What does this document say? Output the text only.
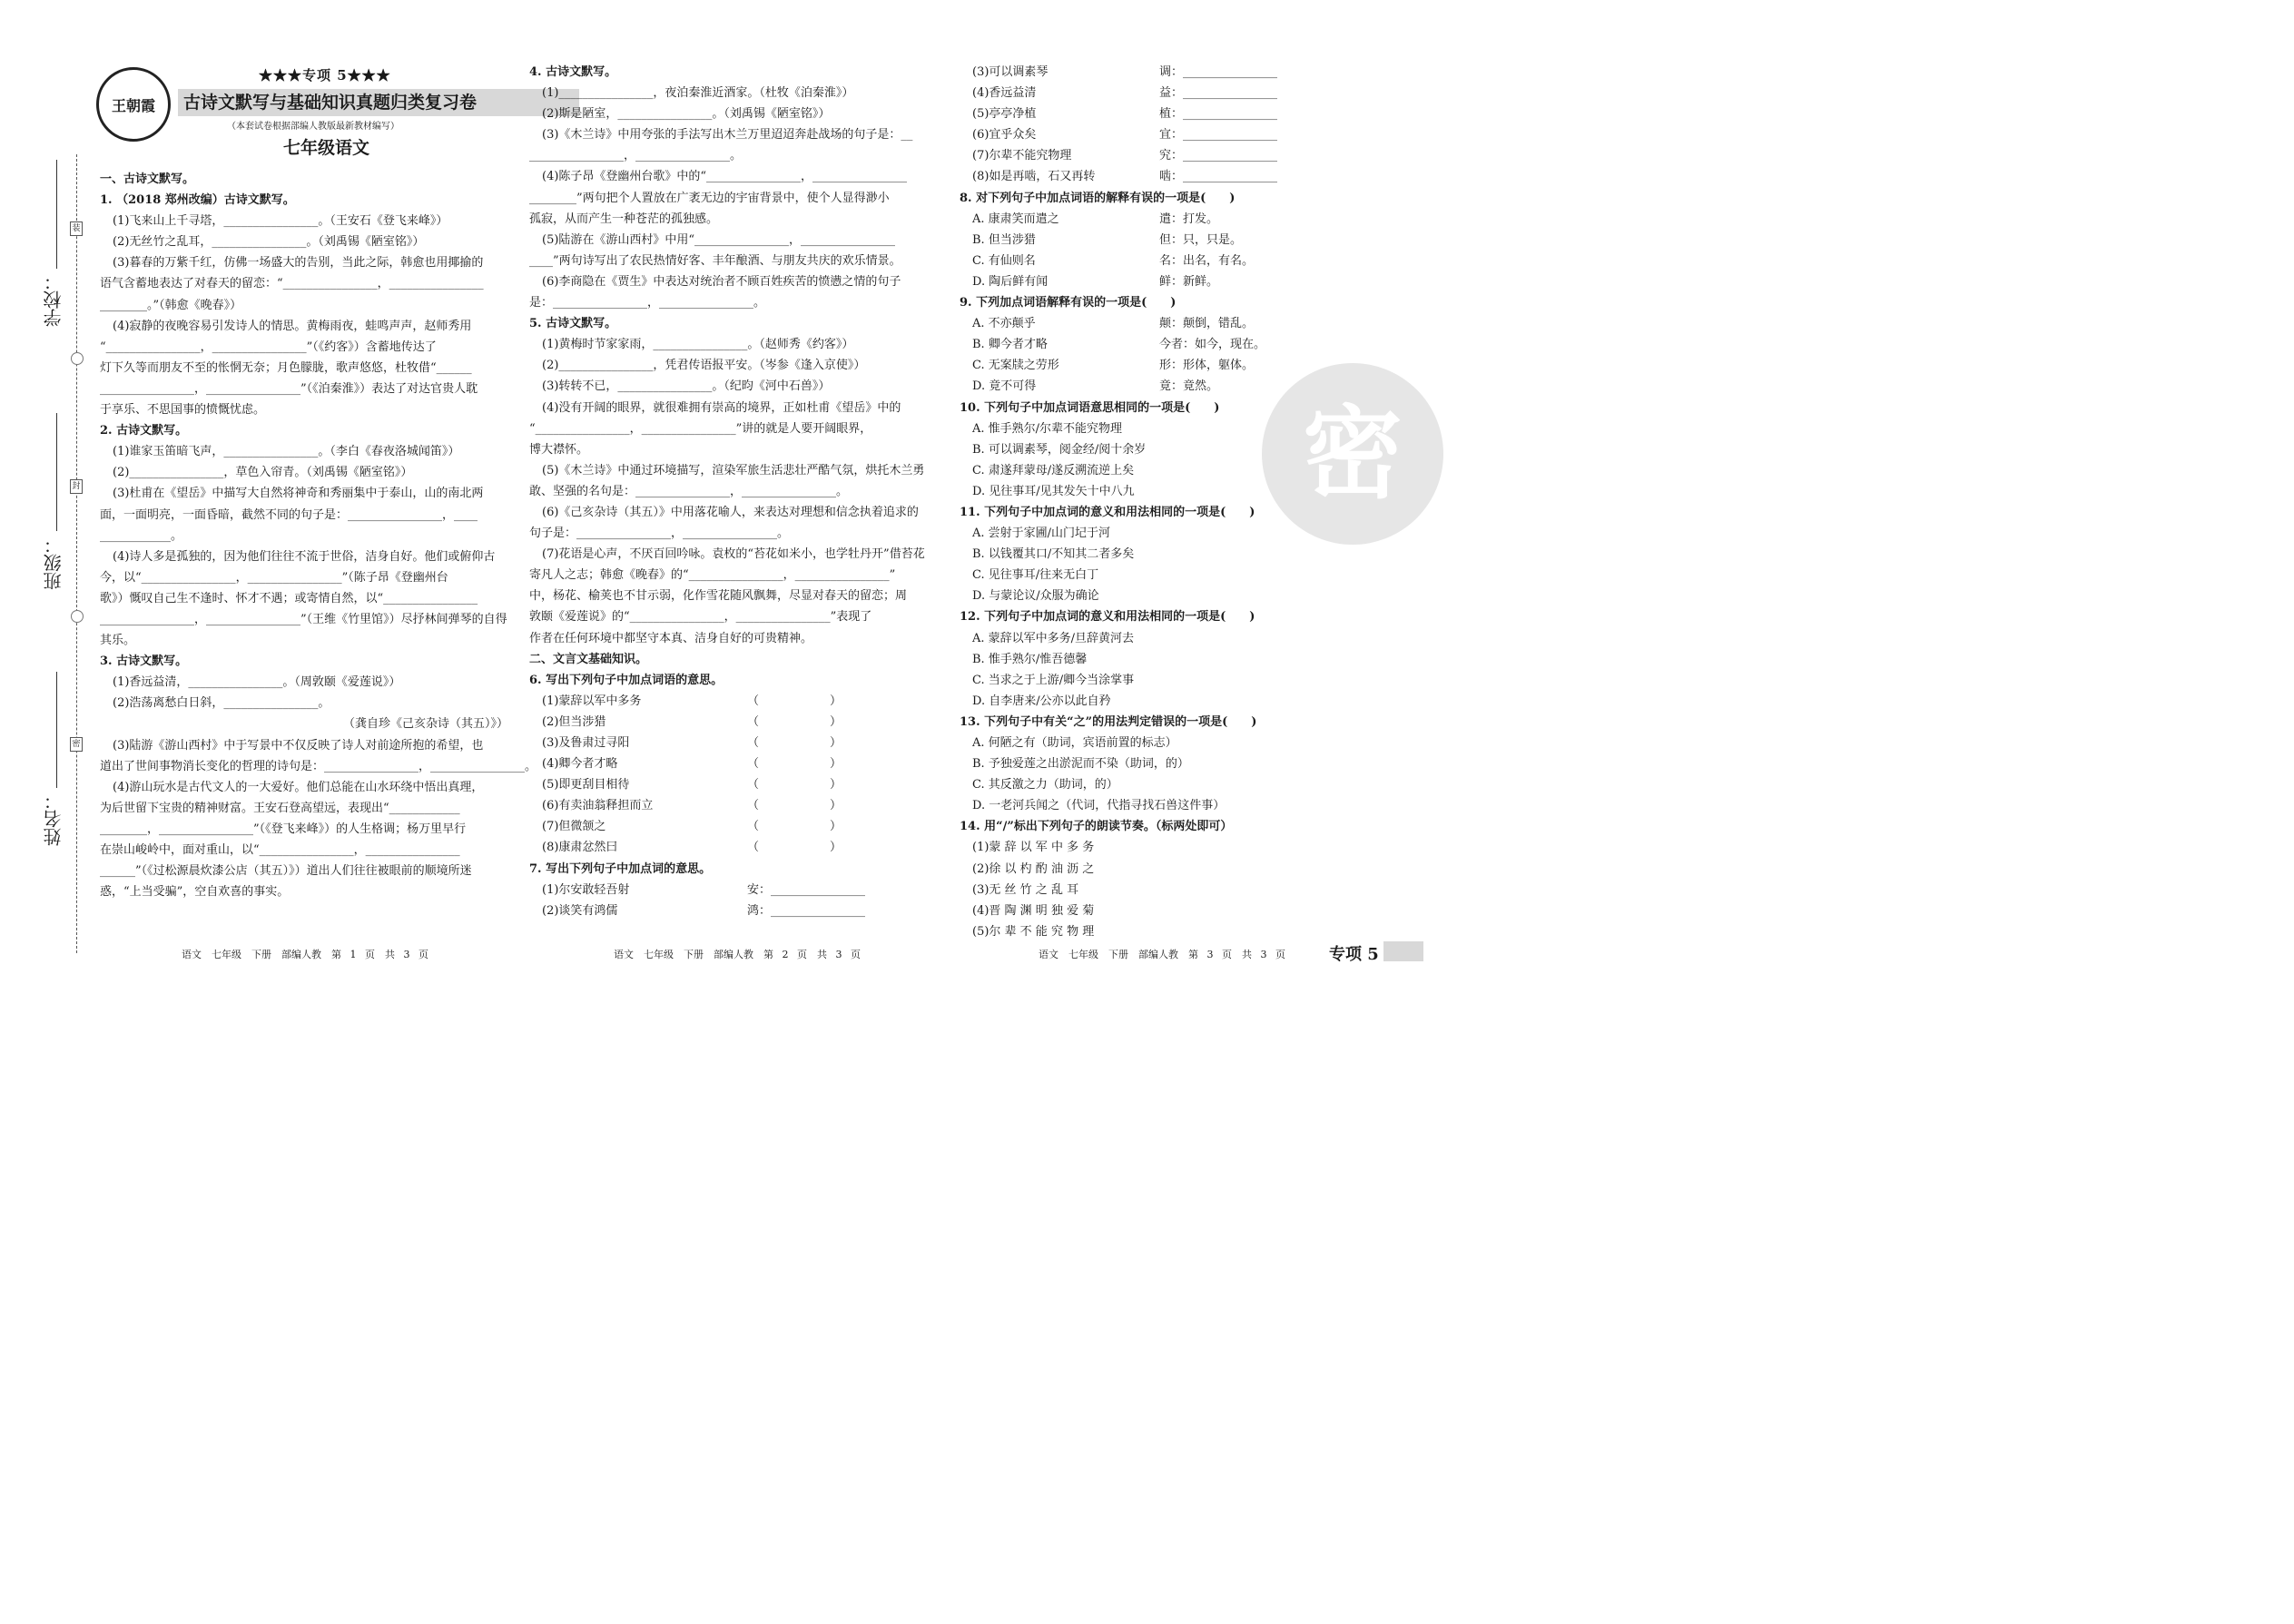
学校：
装
班级：
封
姓名：
密
王朝霞
★★★专项 5★★★
古诗文默写与基础知识真题归类复习卷
（本套试卷根据部编人教版最新教材编写）
七年级语文

一、古诗文默写。

1. （2018 郑州改编）古诗文默写。

(1)飞来山上千寻塔，________________。（王安石《登飞来峰》）

(2)无丝竹之乱耳，________________。（刘禹锡《陋室铭》）

(3)暮春的万紫千红，仿佛一场盛大的告别，当此之际，韩愈也用揶揄的

语气含蓄地表达了对春天的留恋：“________________，________________

________。”（韩愈《晚春》）

(4)寂静的夜晚容易引发诗人的情思。黄梅雨夜，蛙鸣声声，赵师秀用

“________________，________________”（《约客》）含蓄地传达了

灯下久等而朋友不至的怅惘无奈；月色朦胧，歌声悠悠，杜牧借“______

________________，________________”（《泊秦淮》）表达了对达官贵人耽

于享乐、不思国事的愤慨忧虑。

2. 古诗文默写。

(1)谁家玉笛暗飞声，________________。（李白《春夜洛城闻笛》）

(2)________________，草色入帘青。（刘禹锡《陋室铭》）

(3)杜甫在《望岳》中描写大自然将神奇和秀丽集中于泰山，山的南北两

面，一面明亮，一面昏暗，截然不同的句子是：________________，____

____________。

(4)诗人多是孤独的，因为他们往往不流于世俗，洁身自好。他们或俯仰古

今，以“________________，________________”（陈子昂《登幽州台

歌》）慨叹自己生不逢时、怀才不遇；或寄情自然，以“________________

________________，________________”（王维《竹里馆》）尽抒林间弹琴的自得

其乐。

3. 古诗文默写。

(1)香远益清，________________。（周敦颐《爱莲说》）

(2)浩荡离愁白日斜，________________。

（龚自珍《己亥杂诗（其五）》）

(3)陆游《游山西村》中于写景中不仅反映了诗人对前途所抱的希望，也

道出了世间事物消长变化的哲理的诗句是：________________，________________。

(4)游山玩水是古代文人的一大爱好。他们总能在山水环绕中悟出真理，

为后世留下宝贵的精神财富。王安石登高望远，表现出“____________

________，________________”（《登飞来峰》）的人生格调；杨万里早行

在崇山峻岭中，面对重山，以“________________，________________

______”（《过松源晨炊漆公店（其五）》）道出人们往往被眼前的顺境所迷

惑，“上当受骗”，空自欢喜的事实。

4. 古诗文默写。

(1)________________，夜泊秦淮近酒家。（杜牧《泊秦淮》）

(2)斯是陋室，________________。（刘禹锡《陋室铭》）

(3)《木兰诗》中用夸张的手法写出木兰万里迢迢奔赴战场的句子是：__

________________，________________。

(4)陈子昂《登幽州台歌》中的“________________，________________

________”两句把个人置放在广袤无边的宇宙背景中，使个人显得渺小

孤寂，从而产生一种苍茫的孤独感。

(5)陆游在《游山西村》中用“________________，________________

____”两句诗写出了农民热情好客、丰年酿酒、与朋友共庆的欢乐情景。

(6)李商隐在《贾生》中表达对统治者不顾百姓疾苦的愤懑之情的句子

是：________________，________________。

5. 古诗文默写。

(1)黄梅时节家家雨，________________。（赵师秀《约客》）

(2)________________，凭君传语报平安。（岑参《逢入京使》）

(3)转转不已，________________。（纪昀《河中石兽》）

(4)没有开阔的眼界，就很难拥有崇高的境界，正如杜甫《望岳》中的

“________________，________________”讲的就是人要开阔眼界，

博大襟怀。

(5)《木兰诗》中通过环境描写，渲染军旅生活悲壮严酷气氛，烘托木兰勇

敢、坚强的名句是：________________，________________。

(6)《己亥杂诗（其五）》中用落花喻人，来表达对理想和信念执着追求的

句子是：________________，________________。

(7)花语是心声，不厌百回吟咏。袁枚的“苔花如米小，也学牡丹开”借苔花

寄凡人之志；韩愈《晚春》的“________________，________________”

中，杨花、榆荚也不甘示弱，化作雪花随风飘舞，尽显对春天的留恋；周

敦颐《爱莲说》的“________________，________________”表现了

作者在任何环境中都坚守本真、洁身自好的可贵精神。

二、文言文基础知识。

6. 写出下列句子中加点词语的意思。

(1)蒙辞以军中多务	（　　　　　　）

(2)但当涉猎	（　　　　　　）

(3)及鲁肃过寻阳	（　　　　　　）

(4)卿今者才略	（　　　　　　）

(5)即更刮目相待	（　　　　　　）

(6)有卖油翁释担而立	（　　　　　　）

(7)但微颔之	（　　　　　　）

(8)康肃忿然曰	（　　　　　　）

7. 写出下列句子中加点词的意思。

(1)尔安敢轻吾射	安：________________

(2)谈笑有鸿儒	鸿：________________

(3)可以调素琴	调：________________

(4)香远益清	益：________________

(5)亭亭净植	植：________________

(6)宜乎众矣	宜：________________

(7)尔辈不能究物理	究：________________

(8)如是再啮，石又再转	啮：________________

8. 对下列句子中加点词语的解释有误的一项是(　　)

A. 康肃笑而遣之	遣：打发。

B. 但当涉猎	但：只，只是。

C. 有仙则名	名：出名，有名。

D. 陶后鲜有闻	鲜：新鲜。

9. 下列加点词语解释有误的一项是(　　)

A. 不亦颠乎	颠：颠倒，错乱。

B. 卿今者才略	今者：如今，现在。

C. 无案牍之劳形	形：形体，躯体。

D. 竟不可得	竟：竟然。

10. 下列句子中加点词语意思相同的一项是(　　)

A. 惟手熟尔/尔辈不能究物理

B. 可以调素琴，阅金经/阅十余岁

C. 肃遂拜蒙母/遂反溯流逆上矣

D. 见往事耳/见其发矢十中八九

11. 下列句子中加点词的意义和用法相同的一项是(　　)

A. 尝射于家圃/山门圮于河

B. 以钱覆其口/不知其二者多矣

C. 见往事耳/往来无白丁

D. 与蒙论议/众服为确论

12. 下列句子中加点词的意义和用法相同的一项是(　　)

A. 蒙辞以军中多务/旦辞黄河去

B. 惟手熟尔/惟吾德馨

C. 当求之于上游/卿今当涂掌事

D. 自李唐来/公亦以此自矜

13. 下列句子中有关“之”的用法判定错误的一项是(　　)

A. 何陋之有（助词，宾语前置的标志）

B. 予独爱莲之出淤泥而不染（助词，的）

C. 其反激之力（助词，的）

D. 一老河兵闻之（代词，代指寻找石兽这件事）

14. 用“/”标出下列句子的朗读节奏。（标两处即可）

(1)蒙 辞 以 军 中 多 务

(2)徐 以 杓 酌 油 沥 之

(3)无 丝 竹 之 乱 耳

(4)晋 陶 渊 明 独 爱 菊

(5)尔 辈 不 能 究 物 理

密
语文　七年级　下册　部编人教　第 1 页　共 3 页	语文　七年级　下册　部编人教　第 2 页　共 3 页	语文　七年级　下册　部编人教　第 3 页　共 3 页	专项 5
